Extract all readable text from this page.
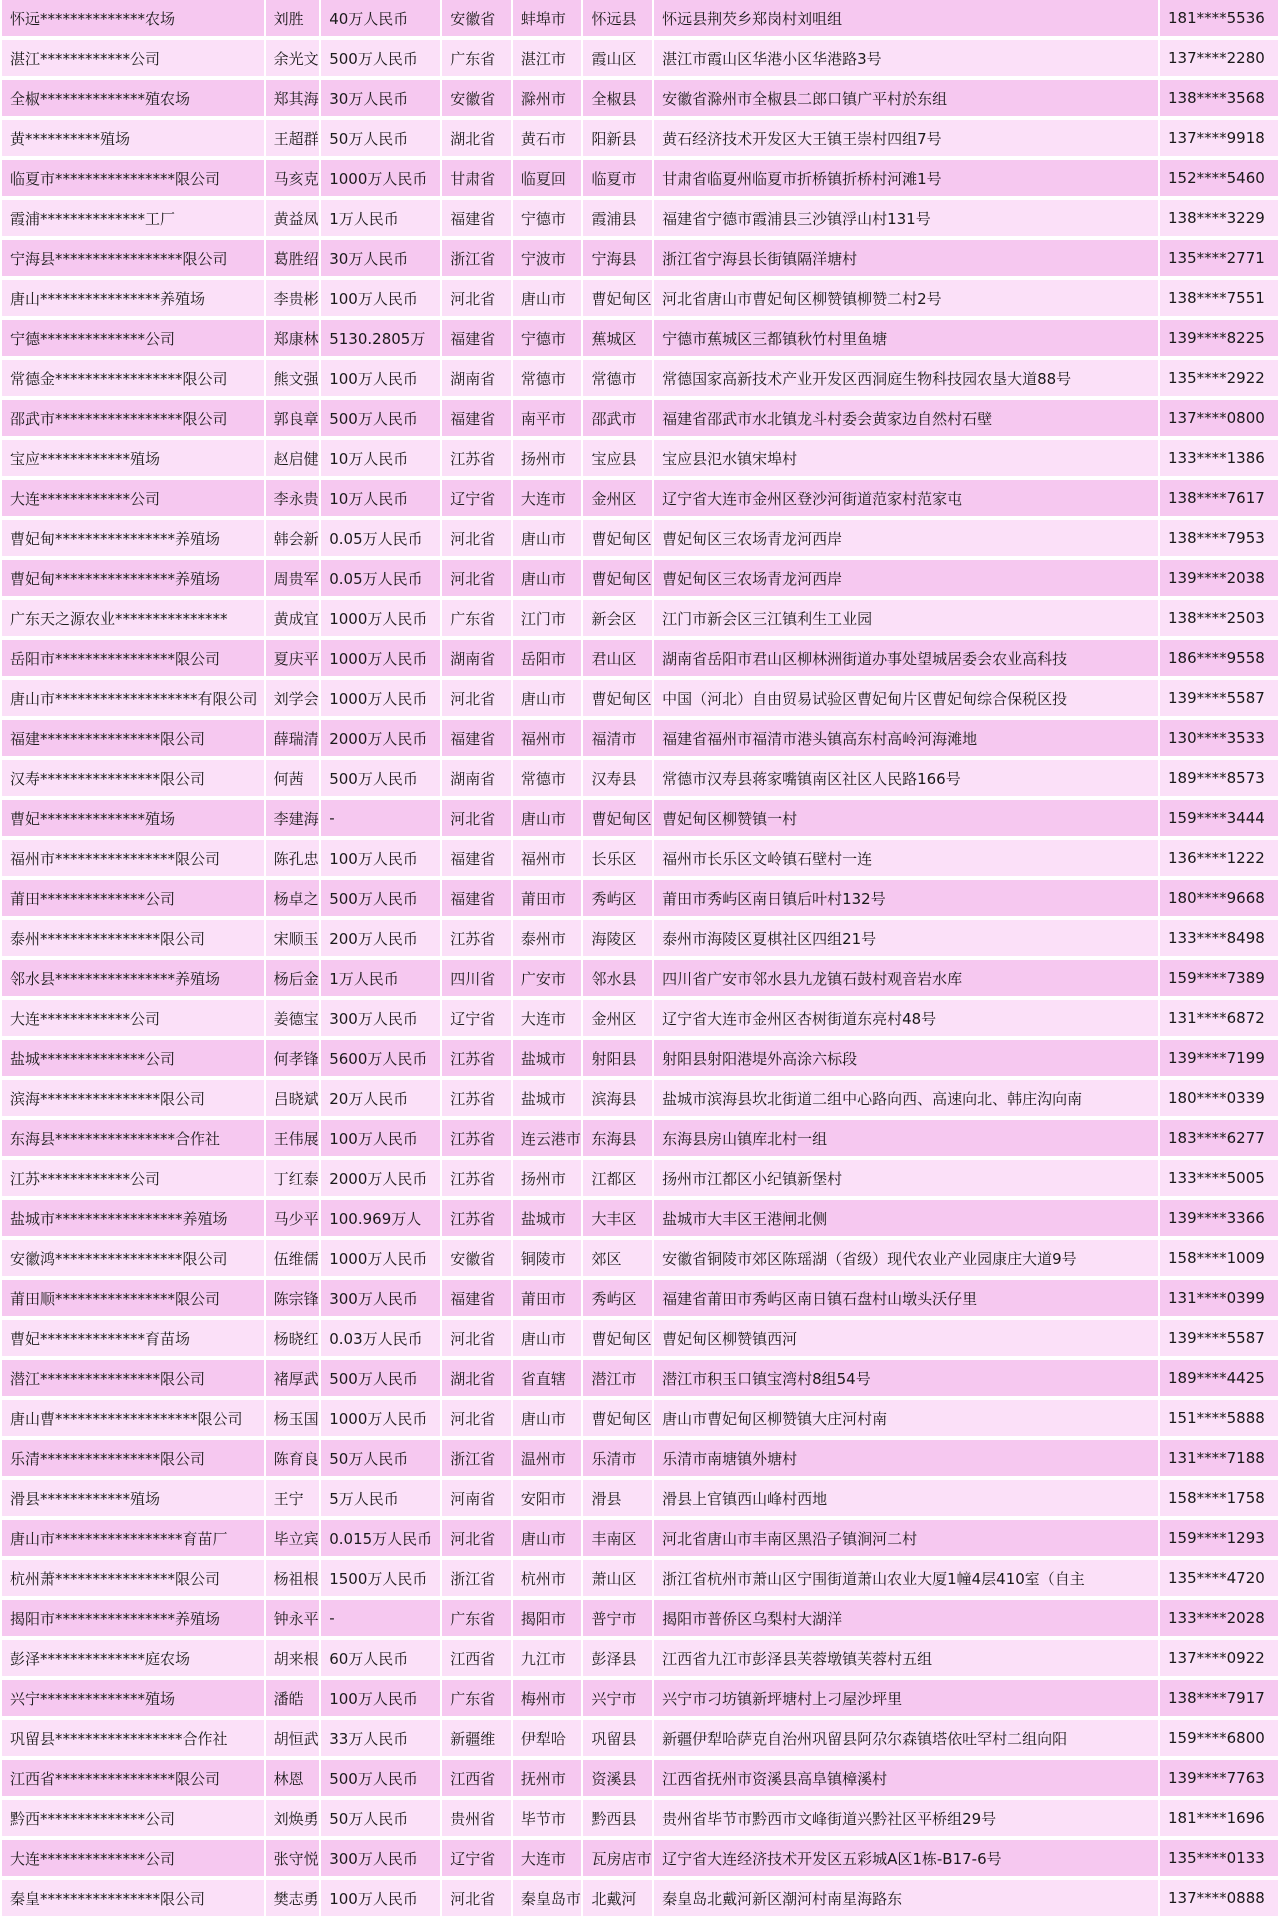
怀远**************农场	刘胜	40万人民币	安徽省	蚌埠市	怀远县	怀远县荆芡乡郑岗村刘咀组	181****5536
湛江************公司	余光文	500万人民币	广东省	湛江市	霞山区	湛江市霞山区华港小区华港路3号	137****2280
全椒**************殖农场	郑其海	30万人民币	安徽省	滁州市	全椒县	安徽省滁州市全椒县二郎口镇广平村於东组	138****3568
黄**********殖场	王超群	50万人民币	湖北省	黄石市	阳新县	黄石经济技术开发区大王镇王崇村四组7号	137****9918
临夏市****************限公司	马亥克	1000万人民币	甘肃省	临夏回	临夏市	甘肃省临夏州临夏市折桥镇折桥村河滩1号	152****5460
霞浦**************工厂	黄益凤	1万人民币	福建省	宁德市	霞浦县	福建省宁德市霞浦县三沙镇浮山村131号	138****3229
宁海县*****************限公司	葛胜绍	30万人民币	浙江省	宁波市	宁海县	浙江省宁海县长街镇隔洋塘村	135****2771
唐山****************养殖场	李贵彬	100万人民币	河北省	唐山市	曹妃甸区	河北省唐山市曹妃甸区柳赞镇柳赞二村2号	138****7551
宁德**************公司	郑康林	5130.2805万	福建省	宁德市	蕉城区	宁德市蕉城区三都镇秋竹村里鱼塘	139****8225
常德金*****************限公司	熊文强	100万人民币	湖南省	常德市	常德市	常德国家高新技术产业开发区西洞庭生物科技园农垦大道88号	135****2922
邵武市*****************限公司	郭良章	500万人民币	福建省	南平市	邵武市	福建省邵武市水北镇龙斗村委会黄家边自然村石壁	137****0800
宝应************殖场	赵启健	10万人民币	江苏省	扬州市	宝应县	宝应县氾水镇宋埠村	133****1386
大连************公司	李永贵	10万人民币	辽宁省	大连市	金州区	辽宁省大连市金州区登沙河街道范家村范家屯	138****7617
曹妃甸****************养殖场	韩会新	0.05万人民币	河北省	唐山市	曹妃甸区	曹妃甸区三农场青龙河西岸	138****7953
曹妃甸****************养殖场	周贵军	0.05万人民币	河北省	唐山市	曹妃甸区	曹妃甸区三农场青龙河西岸	139****2038
广东天之源农业***************	黄成宜	1000万人民币	广东省	江门市	新会区	江门市新会区三江镇利生工业园	138****2503
岳阳市****************限公司	夏庆平	1000万人民币	湖南省	岳阳市	君山区	湖南省岳阳市君山区柳林洲街道办事处望城居委会农业高科技	186****9558
唐山市*******************有限公司	刘学会	1000万人民币	河北省	唐山市	曹妃甸区	中国（河北）自由贸易试验区曹妃甸片区曹妃甸综合保税区投	139****5587
福建****************限公司	薛瑞清	2000万人民币	福建省	福州市	福清市	福建省福州市福清市港头镇高东村高岭河海滩地	130****3533
汉寿****************限公司	何茜	500万人民币	湖南省	常德市	汉寿县	常德市汉寿县蒋家嘴镇南区社区人民路166号	189****8573
曹妃**************殖场	李建海	-	河北省	唐山市	曹妃甸区	曹妃甸区柳赞镇一村	159****3444
福州市****************限公司	陈孔忠	100万人民币	福建省	福州市	长乐区	福州市长乐区文岭镇石壁村一连	136****1222
莆田**************公司	杨卓之	500万人民币	福建省	莆田市	秀屿区	莆田市秀屿区南日镇后叶村132号	180****9668
泰州****************限公司	宋顺玉	200万人民币	江苏省	泰州市	海陵区	泰州市海陵区夏棋社区四组21号	133****8498
邻水县****************养殖场	杨后金	1万人民币	四川省	广安市	邻水县	四川省广安市邻水县九龙镇石鼓村观音岩水库	159****7389
大连************公司	姜德宝	300万人民币	辽宁省	大连市	金州区	辽宁省大连市金州区杏树街道东亮村48号	131****6872
盐城**************公司	何孝锋	5600万人民币	江苏省	盐城市	射阳县	射阳县射阳港堤外高涂六标段	139****7199
滨海****************限公司	吕晓斌	20万人民币	江苏省	盐城市	滨海县	盐城市滨海县坎北街道二组中心路向西、高速向北、韩庄沟向南	180****0339
东海县****************合作社	王伟展	100万人民币	江苏省	连云港市	东海县	东海县房山镇库北村一组	183****6277
江苏************公司	丁红泰	2000万人民币	江苏省	扬州市	江都区	扬州市江都区小纪镇新堡村	133****5005
盐城市*****************养殖场	马少平	100.969万人	江苏省	盐城市	大丰区	盐城市大丰区王港闸北侧	139****3366
安徽鸿*****************限公司	伍维儒	1000万人民币	安徽省	铜陵市	郊区	安徽省铜陵市郊区陈瑶湖（省级）现代农业产业园康庄大道9号	158****1009
莆田顺****************限公司	陈宗锋	300万人民币	福建省	莆田市	秀屿区	福建省莆田市秀屿区南日镇石盘村山墩头沃仔里	131****0399
曹妃**************育苗场	杨晓红	0.03万人民币	河北省	唐山市	曹妃甸区	曹妃甸区柳赞镇西河	139****5587
潜江****************限公司	褚厚武	500万人民币	湖北省	省直辖	潜江市	潜江市积玉口镇宝湾村8组54号	189****4425
唐山曹*******************限公司	杨玉国	1000万人民币	河北省	唐山市	曹妃甸区	唐山市曹妃甸区柳赞镇大庄河村南	151****5888
乐清****************限公司	陈育良	50万人民币	浙江省	温州市	乐清市	乐清市南塘镇外塘村	131****7188
滑县************殖场	王宁	5万人民币	河南省	安阳市	滑县	滑县上官镇西山峰村西地	158****1758
唐山市*****************育苗厂	毕立宾	0.015万人民币	河北省	唐山市	丰南区	河北省唐山市丰南区黑沿子镇涧河二村	159****1293
杭州萧****************限公司	杨祖根	1500万人民币	浙江省	杭州市	萧山区	浙江省杭州市萧山区宁围街道萧山农业大厦1幢4层410室（自主	135****4720
揭阳市****************养殖场	钟永平	-	广东省	揭阳市	普宁市	揭阳市普侨区乌梨村大湖洋	133****2028
彭泽**************庭农场	胡来根	60万人民币	江西省	九江市	彭泽县	江西省九江市彭泽县芙蓉墩镇芙蓉村五组	137****0922
兴宁**************殖场	潘皓	100万人民币	广东省	梅州市	兴宁市	兴宁市刁坊镇新坪塘村上刁屋沙坪里	138****7917
巩留县*****************合作社	胡恒武	33万人民币	新疆维	伊犁哈	巩留县	新疆伊犁哈萨克自治州巩留县阿尕尔森镇塔依吐罕村二组向阳	159****6800
江西省****************限公司	林恩	500万人民币	江西省	抚州市	资溪县	江西省抚州市资溪县高阜镇樟溪村	139****7763
黔西**************公司	刘焕勇	50万人民币	贵州省	毕节市	黔西县	贵州省毕节市黔西市文峰街道兴黔社区平桥组29号	181****1696
大连**************公司	张守悦	300万人民币	辽宁省	大连市	瓦房店市	辽宁省大连经济技术开发区五彩城A区1栋-B17-6号	135****0133
秦皇****************限公司	樊志勇	100万人民币	河北省	秦皇岛市	北戴河	秦皇岛北戴河新区潮河村南星海路东	137****0888
